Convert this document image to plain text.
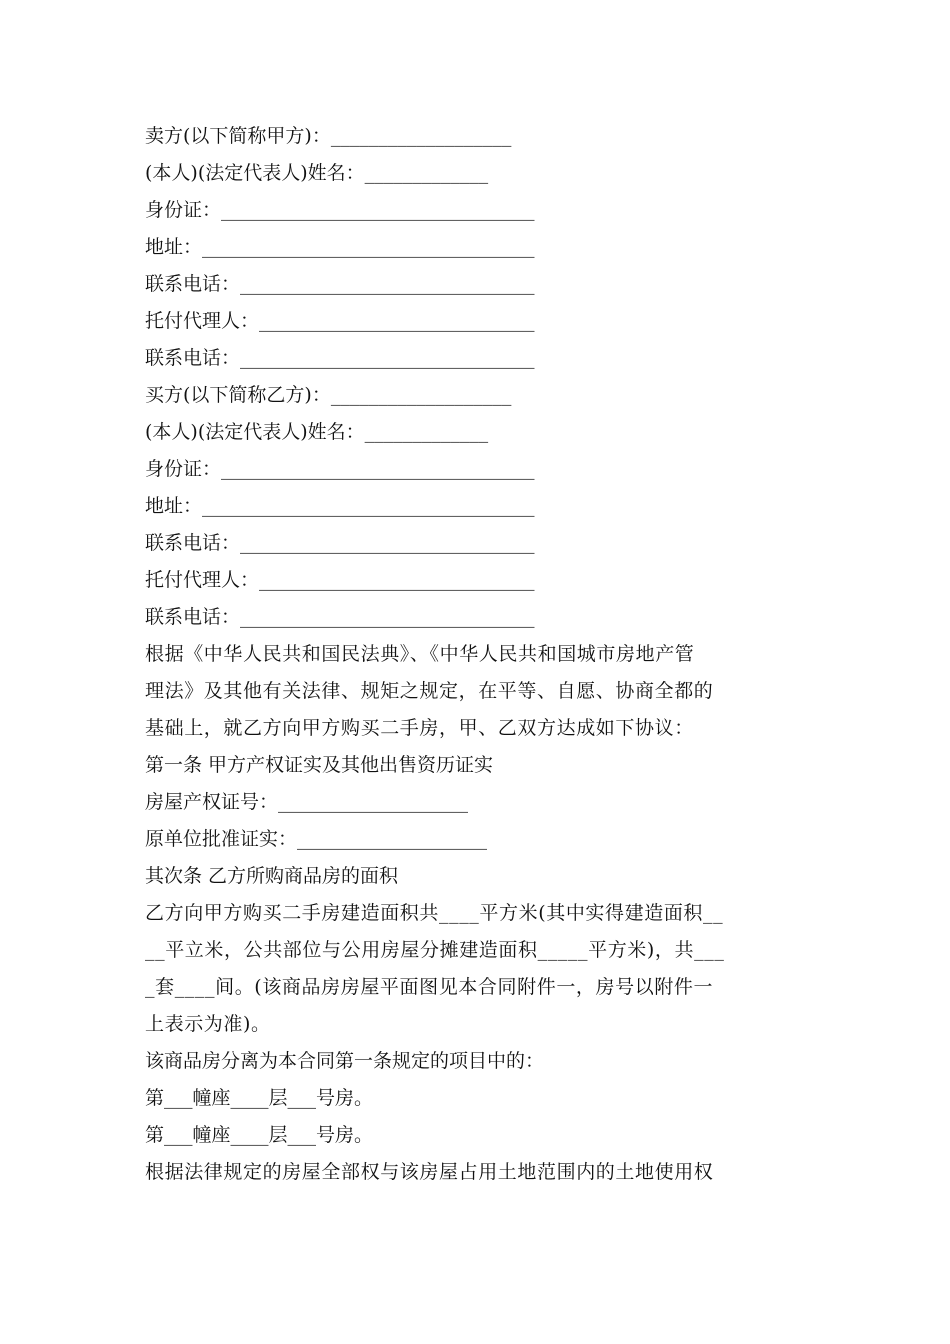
卖方(以下简称甲方)：___________________
(本人)(法定代表人)姓名：_____________
身份证：_________________________________
地址：___________________________________
联系电话：_______________________________
托付代理人：_____________________________
联系电话：_______________________________
买方(以下简称乙方)：___________________
(本人)(法定代表人)姓名：_____________
身份证：_________________________________
地址：___________________________________
联系电话：_______________________________
托付代理人：_____________________________
联系电话：_______________________________
根据《中华人民共和国民法典》、《中华人民共和国城市房地产管
理法》及其他有关法律、规矩之规定，在平等、自愿、协商全都的
基础上，就乙方向甲方购买二手房，甲、乙双方达成如下协议：
第一条 甲方产权证实及其他出售资历证实
房屋产权证号：____________________
原单位批准证实：____________________
其次条 乙方所购商品房的面积
乙方向甲方购买二手房建造面积共____平方米(其中实得建造面积__
__平立米，公共部位与公用房屋分摊建造面积_____平方米)，共___
_套____间。(该商品房房屋平面图见本合同附件一，房号以附件一
上表示为准)。
该商品房分离为本合同第一条规定的项目中的：
第___幢座____层___号房。
第___幢座____层___号房。
根据法律规定的房屋全部权与该房屋占用土地范围内的土地使用权
